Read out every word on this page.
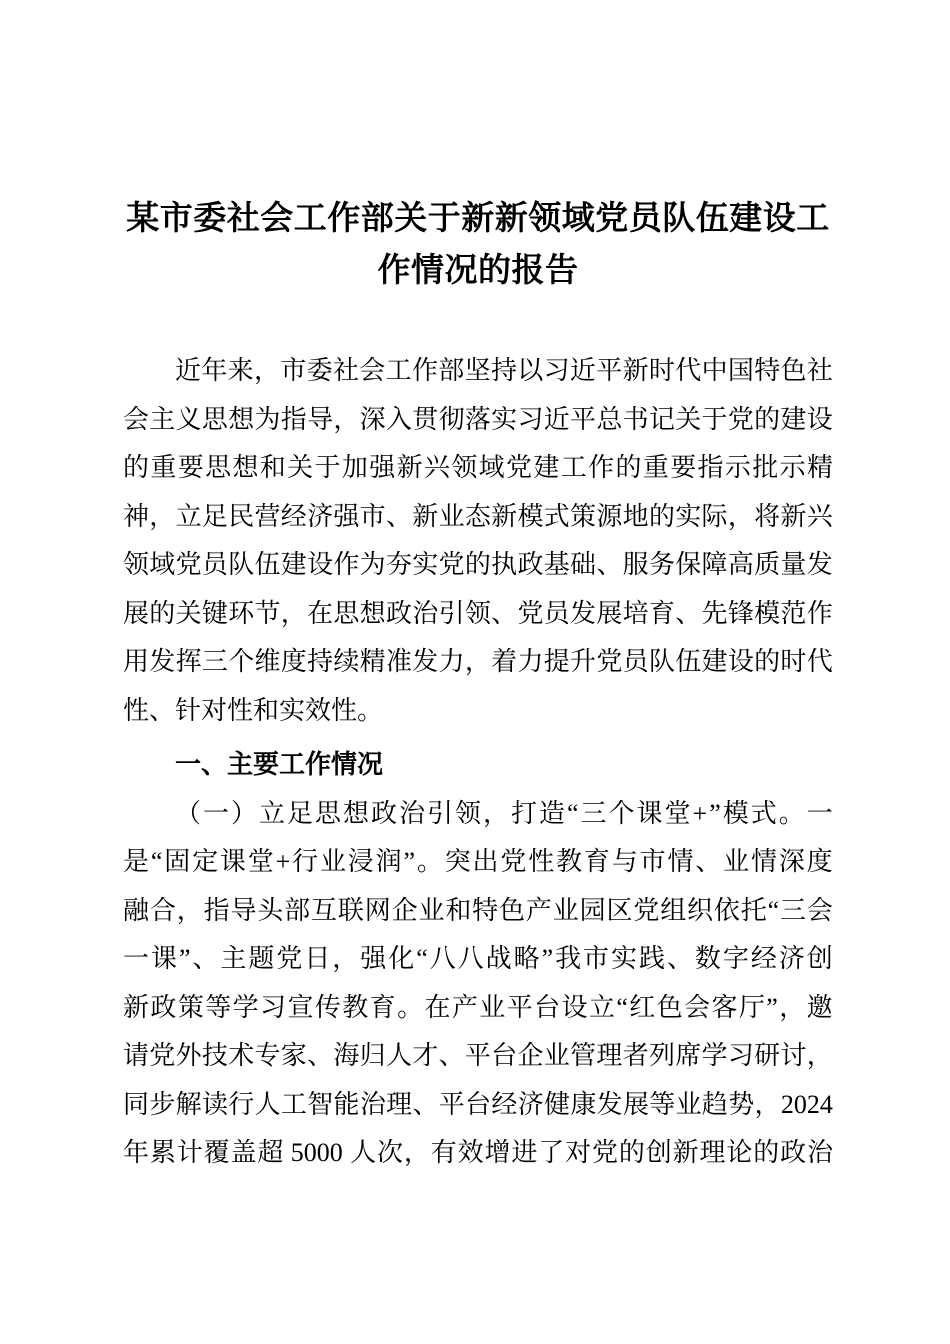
某市委社会工作部关于新新领域党员队伍建设工
作情况的报告
近 年 来 ， 市 委 社 会 工 作 部 坚 持 以 习 近 平 新 时 代 中 国 特 色 社
会 主 义 思 想 为 指 导 ， 深 入 贯 彻 落 实 习 近 平 总 书 记 关 于 党 的 建 设
的 重 要 思 想 和 关 于 加 强 新 兴 领 域 党 建 工 作 的 重 要 指 示 批 示 精
神 ， 立 足 民 营 经 济 强 市 、 新 业 态 新 模 式 策 源 地 的 实 际 ， 将 新 兴
领 域 党 员 队 伍 建 设 作 为 夯 实 党 的 执 政 基 础 、 服 务 保 障 高 质 量 发
展 的 关 键 环 节 ， 在 思 想 政 治 引 领 、 党 员 发 展 培 育 、 先 锋 模 范 作
用 发 挥 三 个 维 度 持 续 精 准 发 力 ， 着 力 提 升 党 员 队 伍 建 设 的 时 代
性、针对性和实效性。
一、主要工作情况
（ 一 ） 立 足 思 想 政 治 引 领 ， 打 造 “ 三 个 课 堂 + ” 模 式 。 一
是 “ 固 定 课 堂 + 行 业 浸 润 ” 。 突 出 党 性 教 育 与 市 情 、 业 情 深 度
融 合 ， 指 导 头 部 互 联 网 企 业 和 特 色 产 业 园 区 党 组 织 依 托 “ 三 会
一 课 ” 、 主 题 党 日 ， 强 化 “ 八 八 战 略 ” 我 市 实 践 、 数 字 经 济 创
新 政 策 等 学 习 宣 传 教 育 。 在 产 业 平 台 设 立 “ 红 色 会 客 厅 ” ， 邀
请 党 外 技 术 专 家 、 海 归 人 才 、 平 台 企 业 管 理 者 列 席 学 习 研 讨 ，
同 步 解 读 行 人 工 智 能 治 理 、 平 台 经 济 健 康 发 展 等 业 趋 势 ， 2024
年 累 计 覆 盖 超 5000 人 次 ， 有 效 增 进 了 对 党 的 创 新 理 论 的 政 治
